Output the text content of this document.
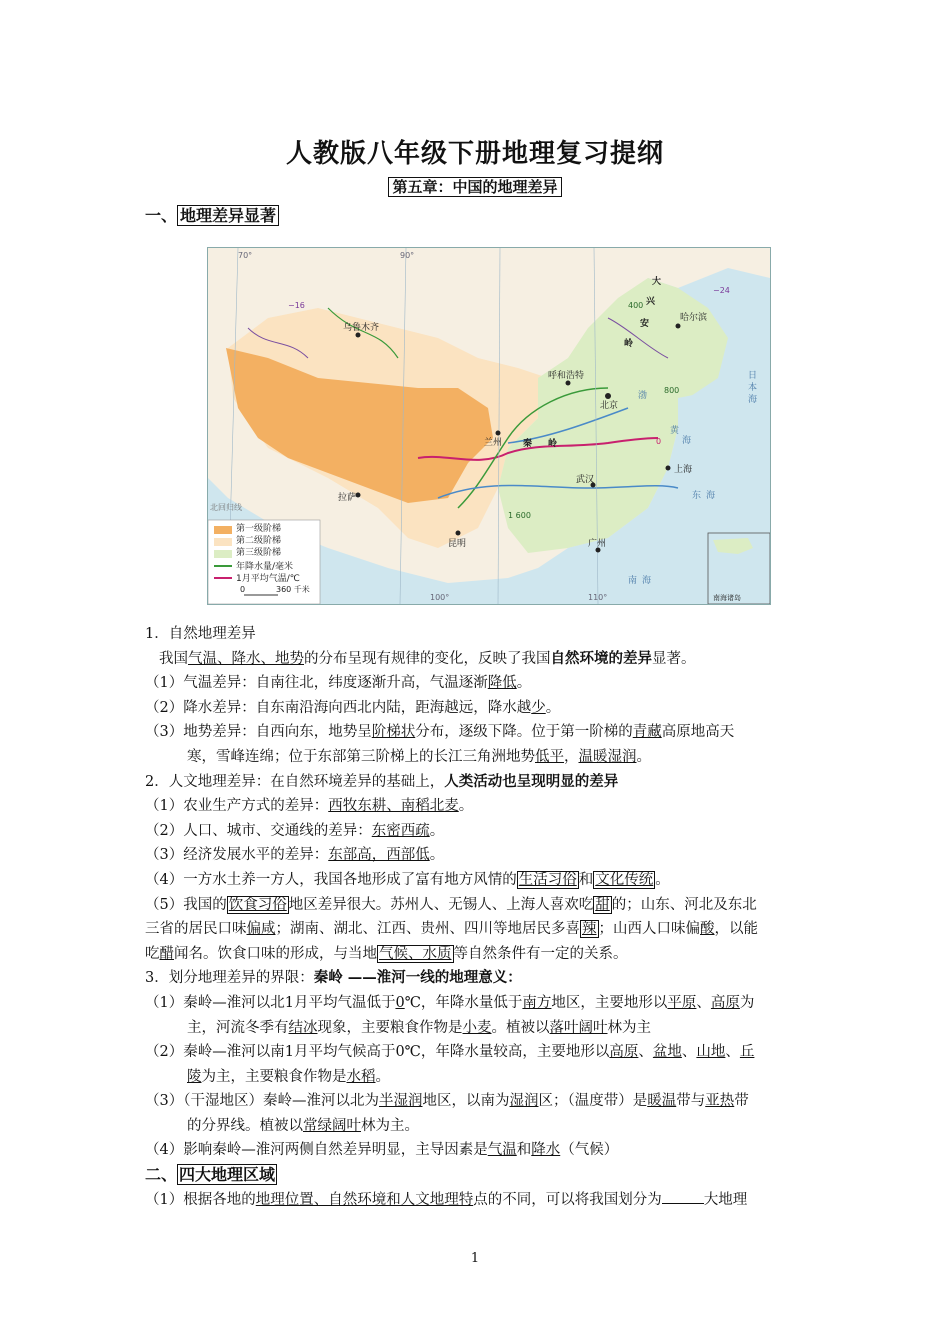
人教版八年级下册地理复习提纲
第五章：中国的地理差异
一、 地理差异显著
第一级阶梯
第二级阶梯
第三级阶梯
年降水量/毫米
1月平均气温/℃
0	360 千米
南海诸岛
北回归线
乌鲁木齐
呼和浩特
北京
兰州
拉萨
武汉
上海
昆明	广州
哈尔滨
秦 岭
大
兴
安
岭
70°	90°
100°	110°
400
800
1 600
−16
−24
0
黄
海
东 海
南 海
日
本
海
渤

1．自然地理差异

我国气温、降水、地势的分布呈现有规律的变化，反映了我国自然环境的差异显著。

（1）气温差异：自南往北，纬度逐渐升高，气温逐渐降低。

（2）降水差异：自东南沿海向西北内陆，距海越远，降水越少。

（3）地势差异：自西向东，地势呈阶梯状分布，逐级下降。位于第一阶梯的青藏高原地高天

寒，雪峰连绵；位于东部第三阶梯上的长江三角洲地势低平，温暖湿润。

2．人文地理差异：在自然环境差异的基础上，人类活动也呈现明显的差异

（1）农业生产方式的差异：西牧东耕、南稻北麦。

（2）人口、城市、交通线的差异：东密西疏。

（3）经济发展水平的差异：东部高，西部低。

（4）一方水土养一方人，我国各地形成了富有地方风情的 生活习俗 和 文化传统 。

（5）我国的 饮食习俗 地区差异很大。苏州人、无锡人、上海人喜欢吃 甜 的；山东、河北及东北

三省的居民口味偏咸；湖南、湖北、江西、贵州、四川等地居民多喜 辣 ；山西人口味偏酸，以能

吃醋闻名。饮食口味的形成，与当地 气候、水质 等自然条件有一定的关系。

3．划分地理差异的界限：秦岭 ——淮河一线的地理意义：

（1）秦岭—淮河以北1月平均气温低于0℃，年降水量低于南方地区，主要地形以平原、高原为

主，河流冬季有结冰现象，主要粮食作物是小麦。植被以落叶阔叶林为主

（2）秦岭—淮河以南1月平均气候高于0℃，年降水量较高，主要地形以高原、盆地、山地、丘

陵为主，主要粮食作物是水稻。

（3）（干湿地区）秦岭—淮河以北为半湿润地区，以南为湿润区；（温度带）是暖温带与亚热带

的分界线。植被以常绿阔叶林为主。

（4）影响秦岭—淮河两侧自然差异明显，主导因素是气温和降水（气候）

二、 四大地理区域

（1）根据各地的地理位置、自然环境和人文地理特点的不同，可以将我国划分为	大地理

1
